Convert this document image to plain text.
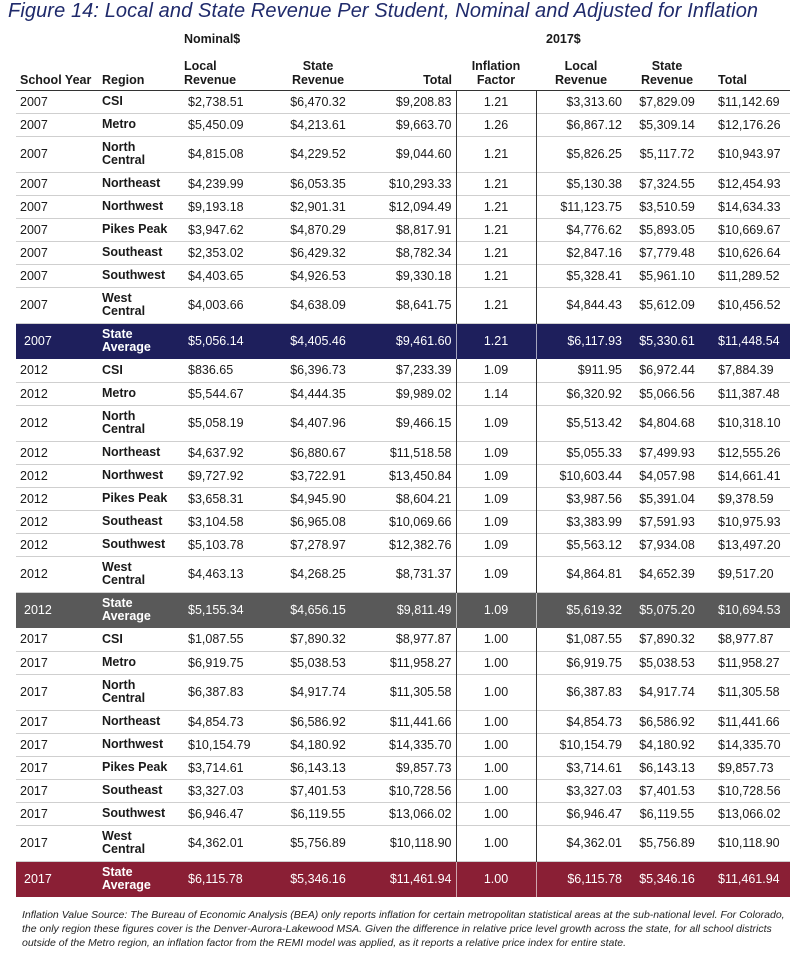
Figure 14: Local and State Revenue Per Student, Nominal and Adjusted for Inflation
		Nominal$				2017$		
School Year	Region	Local Revenue	State Revenue	Total	Inflation Factor	Local Revenue	State Revenue	Total
2007	CSI	$2,738.51	$6,470.32	$9,208.83	1.21	$3,313.60	$7,829.09	$11,142.69
2007	Metro	$5,450.09	$4,213.61	$9,663.70	1.26	$6,867.12	$5,309.14	$12,176.26
2007	North Central	$4,815.08	$4,229.52	$9,044.60	1.21	$5,826.25	$5,117.72	$10,943.97
2007	Northeast	$4,239.99	$6,053.35	$10,293.33	1.21	$5,130.38	$7,324.55	$12,454.93
2007	Northwest	$9,193.18	$2,901.31	$12,094.49	1.21	$11,123.75	$3,510.59	$14,634.33
2007	Pikes Peak	$3,947.62	$4,870.29	$8,817.91	1.21	$4,776.62	$5,893.05	$10,669.67
2007	Southeast	$2,353.02	$6,429.32	$8,782.34	1.21	$2,847.16	$7,779.48	$10,626.64
2007	Southwest	$4,403.65	$4,926.53	$9,330.18	1.21	$5,328.41	$5,961.10	$11,289.52
2007	West Central	$4,003.66	$4,638.09	$8,641.75	1.21	$4,844.43	$5,612.09	$10,456.52
2007	State Average	$5,056.14	$4,405.46	$9,461.60	1.21	$6,117.93	$5,330.61	$11,448.54
2012	CSI	$836.65	$6,396.73	$7,233.39	1.09	$911.95	$6,972.44	$7,884.39
2012	Metro	$5,544.67	$4,444.35	$9,989.02	1.14	$6,320.92	$5,066.56	$11,387.48
2012	North Central	$5,058.19	$4,407.96	$9,466.15	1.09	$5,513.42	$4,804.68	$10,318.10
2012	Northeast	$4,637.92	$6,880.67	$11,518.58	1.09	$5,055.33	$7,499.93	$12,555.26
2012	Northwest	$9,727.92	$3,722.91	$13,450.84	1.09	$10,603.44	$4,057.98	$14,661.41
2012	Pikes Peak	$3,658.31	$4,945.90	$8,604.21	1.09	$3,987.56	$5,391.04	$9,378.59
2012	Southeast	$3,104.58	$6,965.08	$10,069.66	1.09	$3,383.99	$7,591.93	$10,975.93
2012	Southwest	$5,103.78	$7,278.97	$12,382.76	1.09	$5,563.12	$7,934.08	$13,497.20
2012	West Central	$4,463.13	$4,268.25	$8,731.37	1.09	$4,864.81	$4,652.39	$9,517.20
2012	State Average	$5,155.34	$4,656.15	$9,811.49	1.09	$5,619.32	$5,075.20	$10,694.53
2017	CSI	$1,087.55	$7,890.32	$8,977.87	1.00	$1,087.55	$7,890.32	$8,977.87
2017	Metro	$6,919.75	$5,038.53	$11,958.27	1.00	$6,919.75	$5,038.53	$11,958.27
2017	North Central	$6,387.83	$4,917.74	$11,305.58	1.00	$6,387.83	$4,917.74	$11,305.58
2017	Northeast	$4,854.73	$6,586.92	$11,441.66	1.00	$4,854.73	$6,586.92	$11,441.66
2017	Northwest	$10,154.79	$4,180.92	$14,335.70	1.00	$10,154.79	$4,180.92	$14,335.70
2017	Pikes Peak	$3,714.61	$6,143.13	$9,857.73	1.00	$3,714.61	$6,143.13	$9,857.73
2017	Southeast	$3,327.03	$7,401.53	$10,728.56	1.00	$3,327.03	$7,401.53	$10,728.56
2017	Southwest	$6,946.47	$6,119.55	$13,066.02	1.00	$6,946.47	$6,119.55	$13,066.02
2017	West Central	$4,362.01	$5,756.89	$10,118.90	1.00	$4,362.01	$5,756.89	$10,118.90
2017	State Average	$6,115.78	$5,346.16	$11,461.94	1.00	$6,115.78	$5,346.16	$11,461.94
Inflation Value Source: The Bureau of Economic Analysis (BEA) only reports inflation for certain metropolitan statistical areas at the sub-national level. For Colorado, the only region these figures cover is the Denver-Aurora-Lakewood MSA. Given the difference in relative price level growth across the state, for all school districts outside of the Metro region, an inflation factor from the REMI model was applied, as it reports a relative price index for entire state.
